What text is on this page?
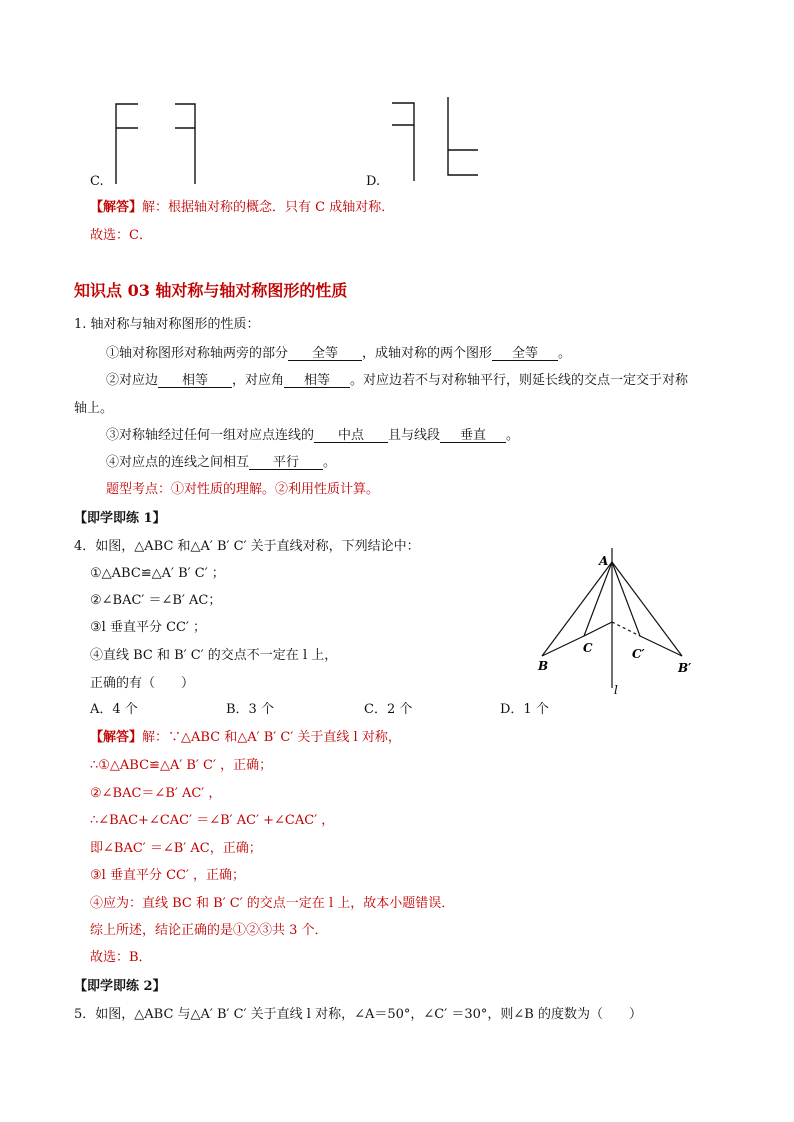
C.	D.
【解答】解：根据轴对称的概念．只有 C 成轴对称．
故选：C．
知识点 03 轴对称与轴对称图形的性质
1. 轴对称与轴对称图形的性质：
①轴对称图形对称轴两旁的部分 全等 ，成轴对称的两个图形 全等 。
②对应边 相等 ，对应角 相等 。对应边若不与对称轴平行，则延长线的交点一定交于对称
轴上。
③对称轴经过任何一组对应点连线的 中点 且与线段 垂直 。
④对应点的连线之间相互 平行 。
题型考点：①对性质的理解。②利用性质计算。
【即学即练 1】
4．如图，△ABC 和△A′ B′ C′ 关于直线对称，下列结论中：
①△ABC≌△A′ B′ C′ ；
②∠BAC′ ＝∠B′ AC；
③l 垂直平分 CC′ ；
④直线 BC 和 B′ C′ 的交点不一定在 l 上，
正确的有（　　）
A．4 个	B．3 个	C．2 个	D．1 个
A
B
C	C′
B′
l
【解答】解：∵△ABC 和△A′ B′ C′ 关于直线 l 对称，
∴①△ABC≌△A′ B′ C′ ，正确；
②∠BAC＝∠B′ AC′ ，
∴∠BAC+∠CAC′ ＝∠B′ AC′ +∠CAC′ ，
即∠BAC′ ＝∠B′ AC，正确；
③l 垂直平分 CC′ ，正确；
④应为：直线 BC 和 B′ C′ 的交点一定在 l 上，故本小题错误．
综上所述，结论正确的是①②③共 3 个．
故选：B．
【即学即练 2】
5．如图，△ABC 与△A′ B′ C′ 关于直线 l 对称，∠A＝50°，∠C′ ＝30°，则∠B 的度数为（　　）
